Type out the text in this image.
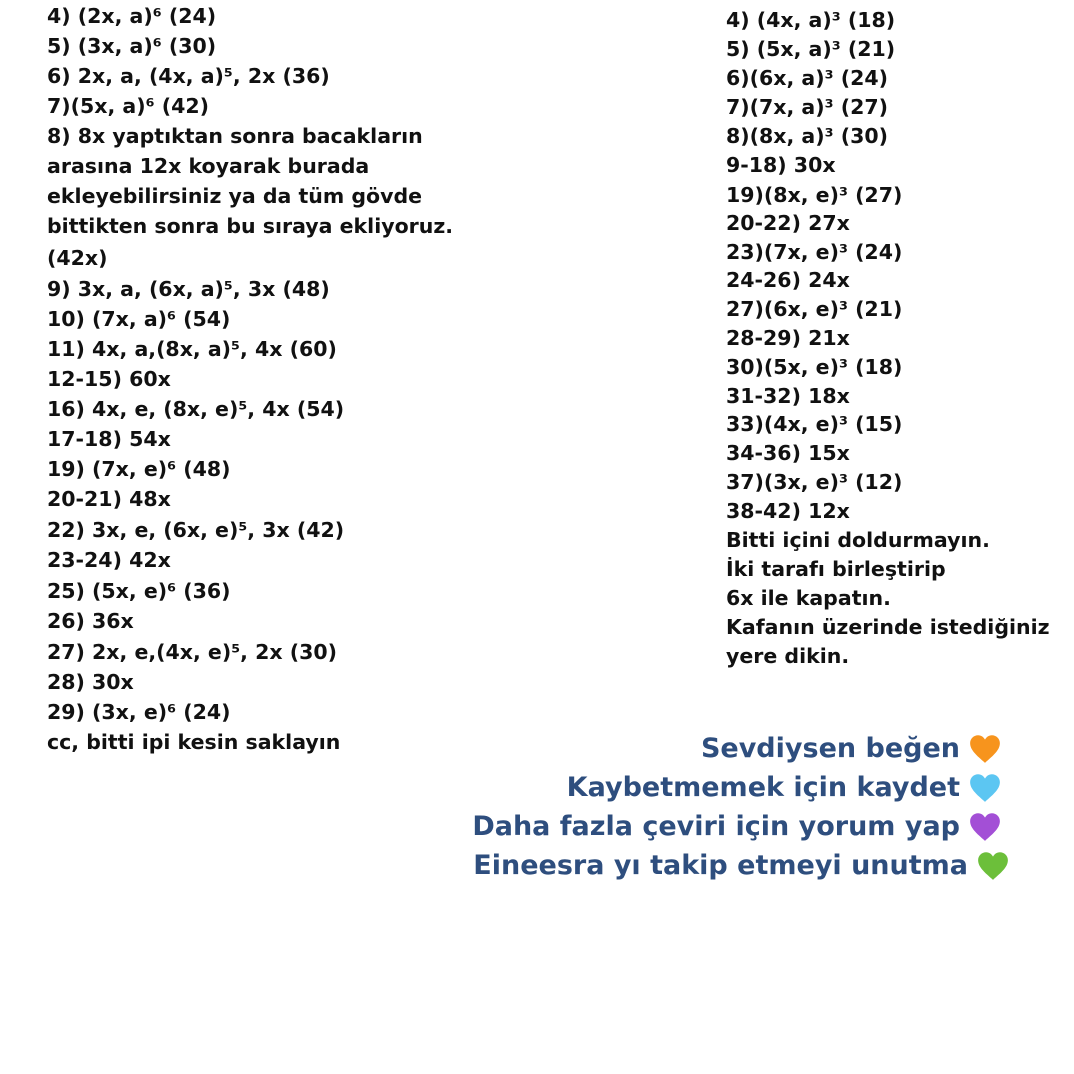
4) (2x, a)⁶ (24)
5) (3x, a)⁶ (30)
6) 2x, a, (4x, a)⁵, 2x (36)
7)(5x, a)⁶ (42)
8) 8x yaptıktan sonra bacakların
arasına 12x koyarak burada
ekleyebilirsiniz ya da tüm gövde
bittikten sonra bu sıraya ekliyoruz.
(42x)
9) 3x, a, (6x, a)⁵, 3x (48)
10) (7x, a)⁶ (54)
11) 4x, a,(8x, a)⁵, 4x (60)
12-15) 60x
16) 4x, e, (8x, e)⁵, 4x (54)
17-18) 54x
19) (7x, e)⁶ (48)
20-21) 48x
22) 3x, e, (6x, e)⁵, 3x (42)
23-24) 42x
25) (5x, e)⁶ (36)
26) 36x
27) 2x, e,(4x, e)⁵, 2x (30)
28) 30x
29) (3x, e)⁶ (24)
cc, bitti ipi kesin saklayın
4) (4x, a)³ (18)
5) (5x, a)³ (21)
6)(6x, a)³ (24)
7)(7x, a)³ (27)
8)(8x, a)³ (30)
9-18) 30x
19)(8x, e)³ (27)
20-22) 27x
23)(7x, e)³ (24)
24-26) 24x
27)(6x, e)³ (21)
28-29) 21x
30)(5x, e)³ (18)
31-32) 18x
33)(4x, e)³ (15)
34-36) 15x
37)(3x, e)³ (12)
38-42) 12x
Bitti içini doldurmayın.
İki tarafı birleştirip
6x ile kapatın.
Kafanın üzerinde istediğiniz
yere dikin.
Sevdiysen beğen
Kaybetmemek için kaydet
Daha fazla çeviri için yorum yap
Eineesra yı takip etmeyi unutma
